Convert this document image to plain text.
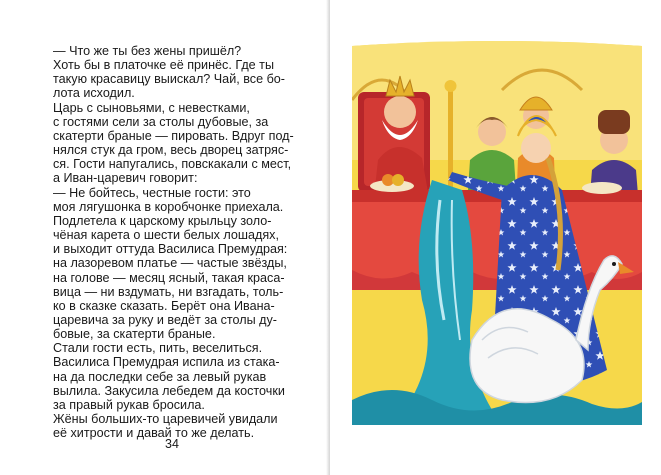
— Что же ты без жены пришёл?
Хоть бы в платочке её принёс. Где ты
такую красавицу выискал? Чай, все бо-
лота исходил.

Царь с сыновьями, с невестками,
с гостями сели за столы дубовые, за
скатерти браные — пировать. Вдруг под-
нялся стук да гром, весь дворец затряс-
ся. Гости напугались, повскакали с мест,
а Иван-царевич говорит:

— Не бойтесь, честные гости: это
моя лягушонка в коробчонке приехала.

Подлетела к царскому крыльцу золо-
чёная карета о шести белых лошадях,
и выходит оттуда Василиса Премудрая:
на лазоревом платье — частые звёзды,
на голове — месяц ясный, такая красa-
вица — ни вздумать, ни взгадать, толь-
ко в сказке сказать. Берёт она Ивана-
царевича за руку и ведёт за столы ду-
бовые, за скатерти браные.

Стали гости есть, пить, веселиться.
Василиса Премудрая испила из стака-
на да последки себе за левый рукав
вылила. Закусила лебедем да косточки
за правый рукав бросила.

Жёны больших-то царевичей увидали
её хитрости и давай то же делать.

34
